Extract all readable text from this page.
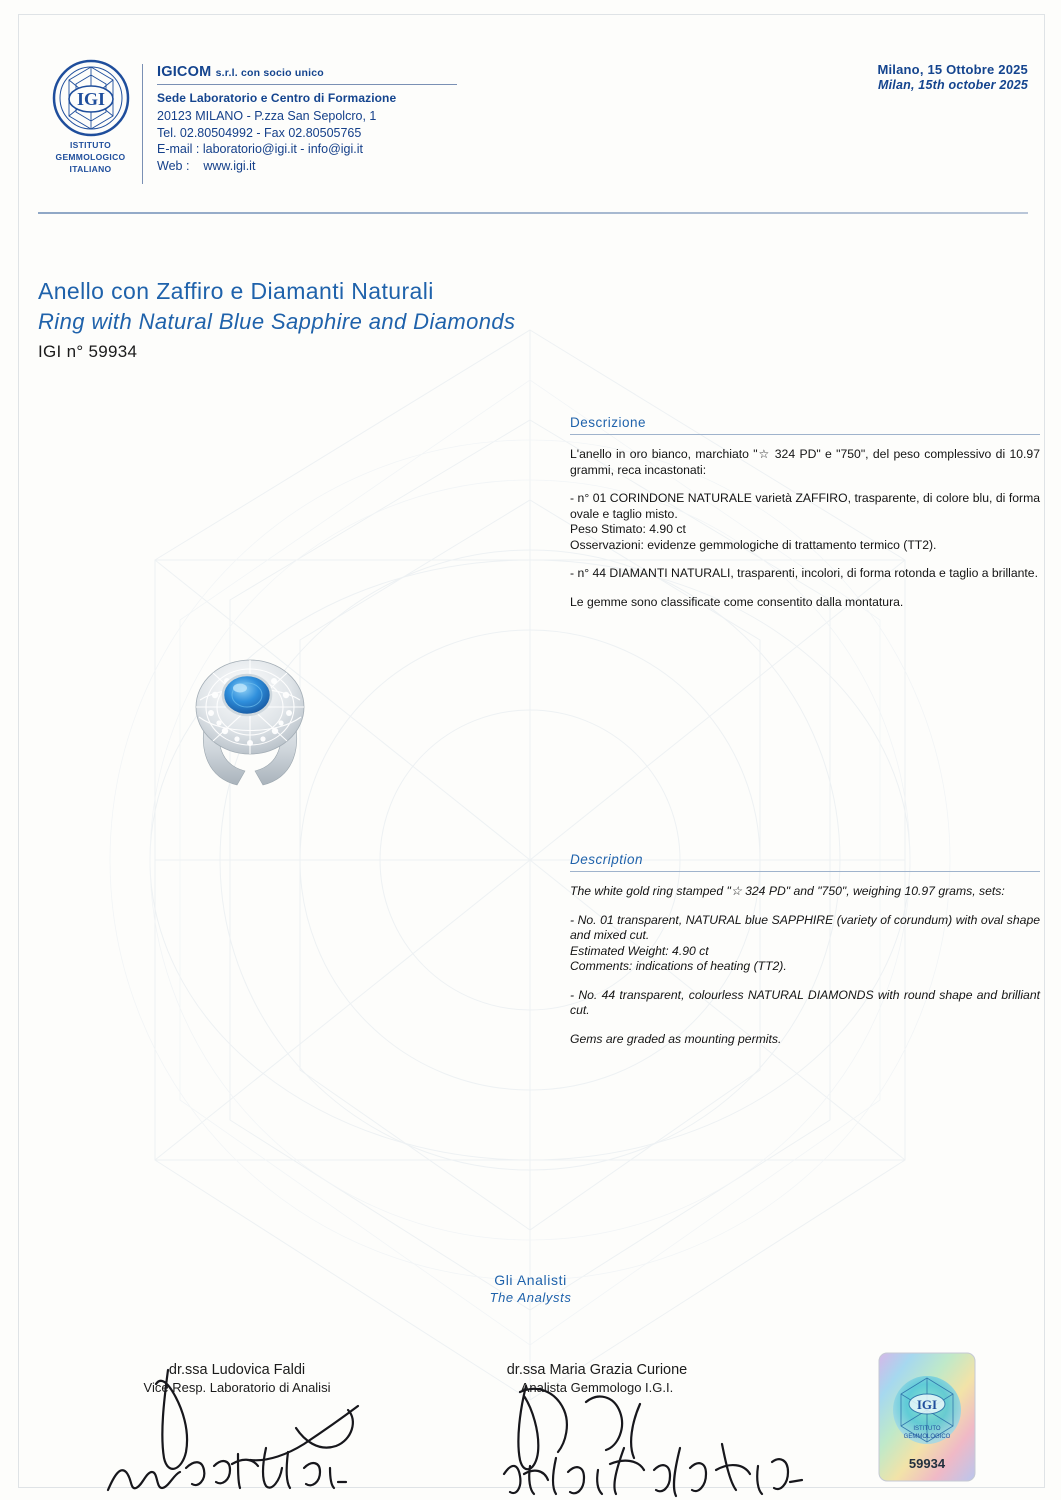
IGI
ISTITUTO
GEMMOLOGICO
ITALIANO
IGICOM s.r.l. con socio unico
Sede Laboratorio e Centro di Formazione
20123 MILANO - P.zza San Sepolcro, 1
Tel. 02.80504992 - Fax 02.80505765
E-mail : laboratorio@igi.it - info@igi.it
Web : www.igi.it
Milano, 15 Ottobre 2025
Milan, 15th october 2025
Anello con Zaffiro e Diamanti Naturali
Ring with Natural Blue Sapphire and Diamonds
IGI n° 59934
Descrizione

L'anello in oro bianco, marchiato "☆ 324 PD" e "750", del peso complessivo di 10.97 grammi, reca incastonati:

- n° 01 CORINDONE NATURALE varietà ZAFFIRO, trasparente, di colore blu, di forma ovale e taglio misto.

Peso Stimato: 4.90 ct

Osservazioni: evidenze gemmologiche di trattamento termico (TT2).

- n° 44 DIAMANTI NATURALI, trasparenti, incolori, di forma rotonda e taglio a brillante.

Le gemme sono classificate come consentito dalla montatura.

Description

The white gold ring stamped "☆ 324 PD" and "750", weighing 10.97 grams, sets:

- No. 01 transparent, NATURAL blue SAPPHIRE (variety of corundum) with oval shape and mixed cut.

Estimated Weight: 4.90 ct

Comments: indications of heating (TT2).

- No. 44 transparent, colourless NATURAL DIAMONDS with round shape and brilliant cut.

Gems are graded as mounting permits.

Gli Analisti
The Analysts
dr.ssa Ludovica Faldi
Vice Resp. Laboratorio di Analisi
dr.ssa Maria Grazia Curione
Analista Gemmologo I.G.I.
IGI
ISTITUTO
GEMMOLOGICO
59934
